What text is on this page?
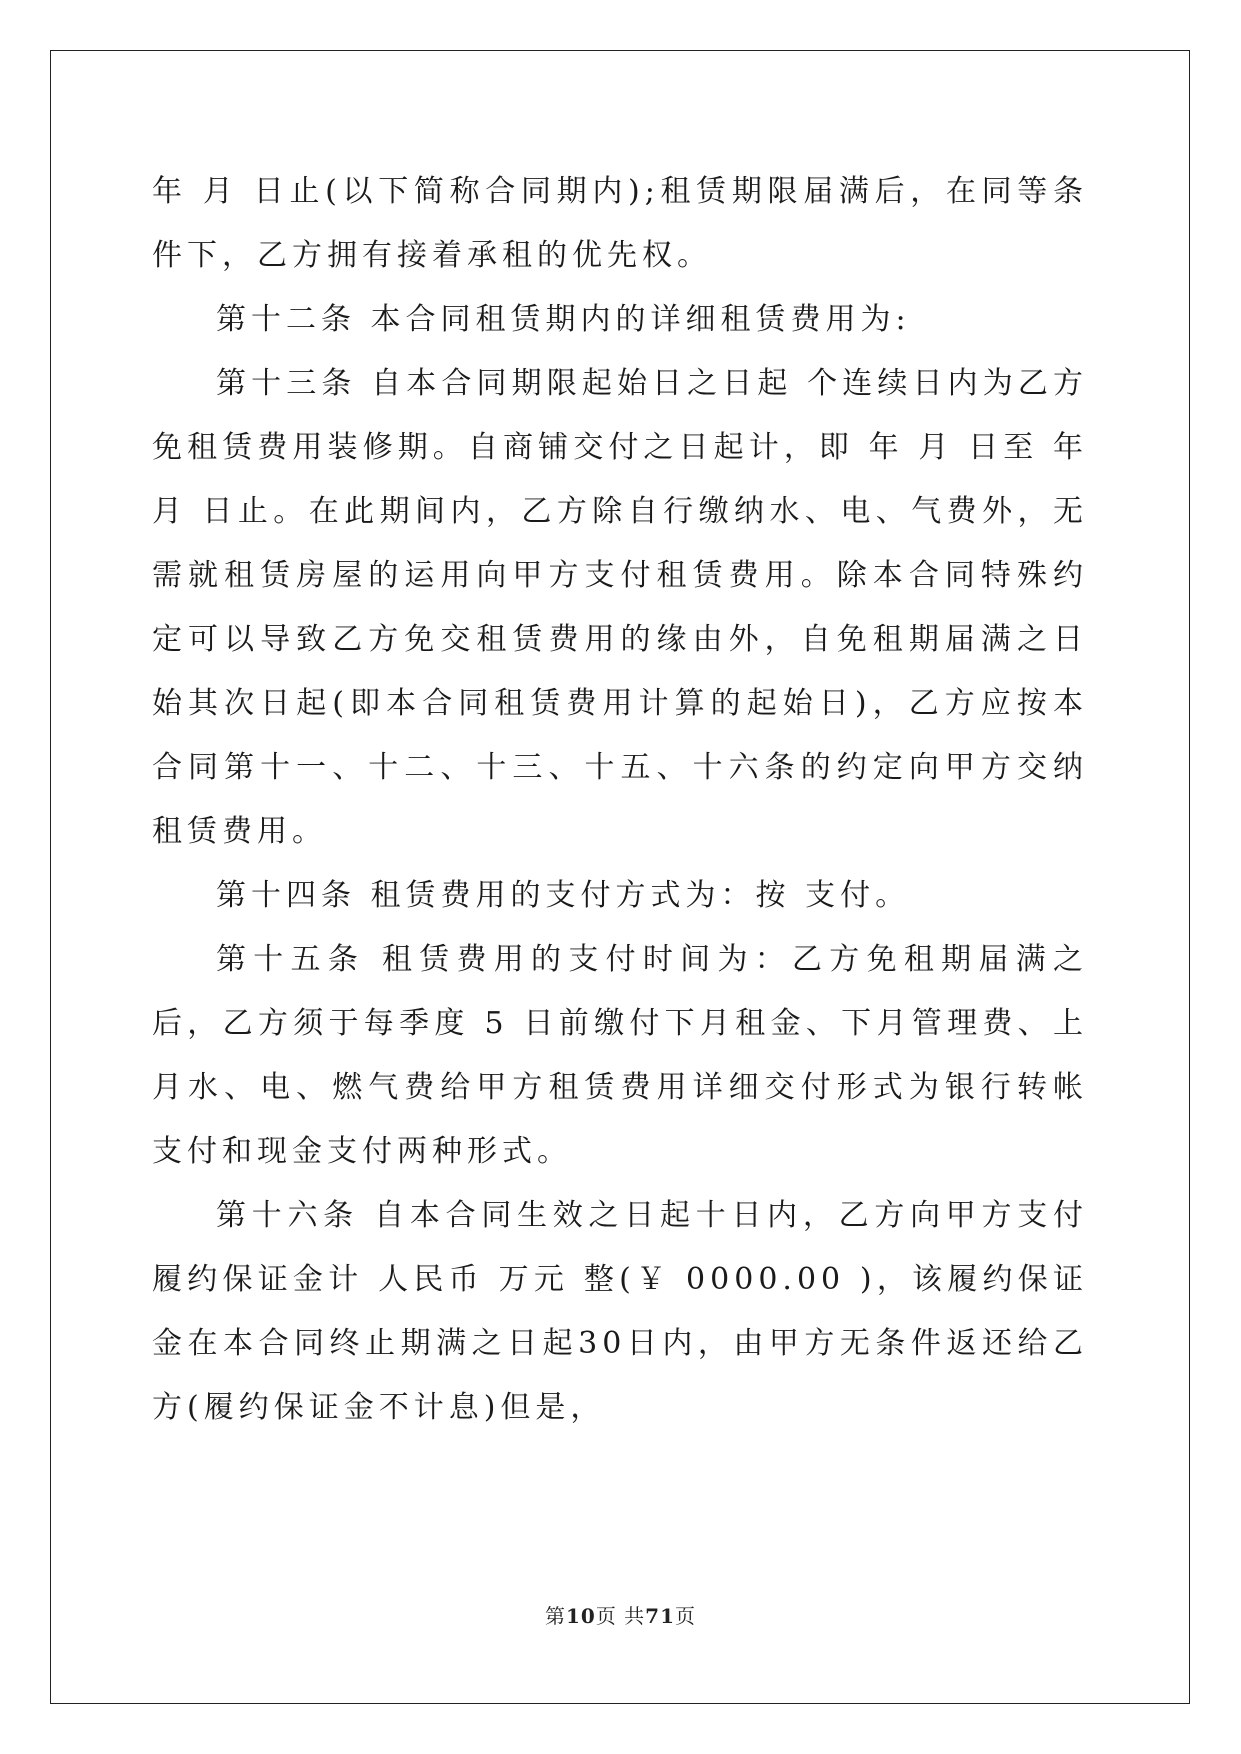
年 月 日止(以下简称合同期内);租赁期限届满后，在同等条件下，乙方拥有接着承租的优先权。

第十二条 本合同租赁期内的详细租赁费用为:

第十三条 自本合同期限起始日之日起 个连续日内为乙方免租赁费用装修期。自商铺交付之日起计，即 年 月 日至 年 月 日止。在此期间内，乙方除自行缴纳水、电、气费外，无需就租赁房屋的运用向甲方支付租赁费用。除本合同特殊约定可以导致乙方免交租赁费用的缘由外，自免租期届满之日始其次日起(即本合同租赁费用计算的起始日)，乙方应按本合同第十一、十二、十三、十五、十六条的约定向甲方交纳租赁费用。

第十四条 租赁费用的支付方式为：按 支付。

第十五条 租赁费用的支付时间为：乙方免租期届满之后，乙方须于每季度 5 日前缴付下月租金、下月管理费、上月水、电、燃气费给甲方租赁费用详细交付形式为银行转帐支付和现金支付两种形式。

第十六条 自本合同生效之日起十日内，乙方向甲方支付履约保证金计 人民币 万元 整(￥ 0000.00 )，该履约保证金在本合同终止期满之日起30日内，由甲方无条件返还给乙方(履约保证金不计息)但是，

第10页 共71页
